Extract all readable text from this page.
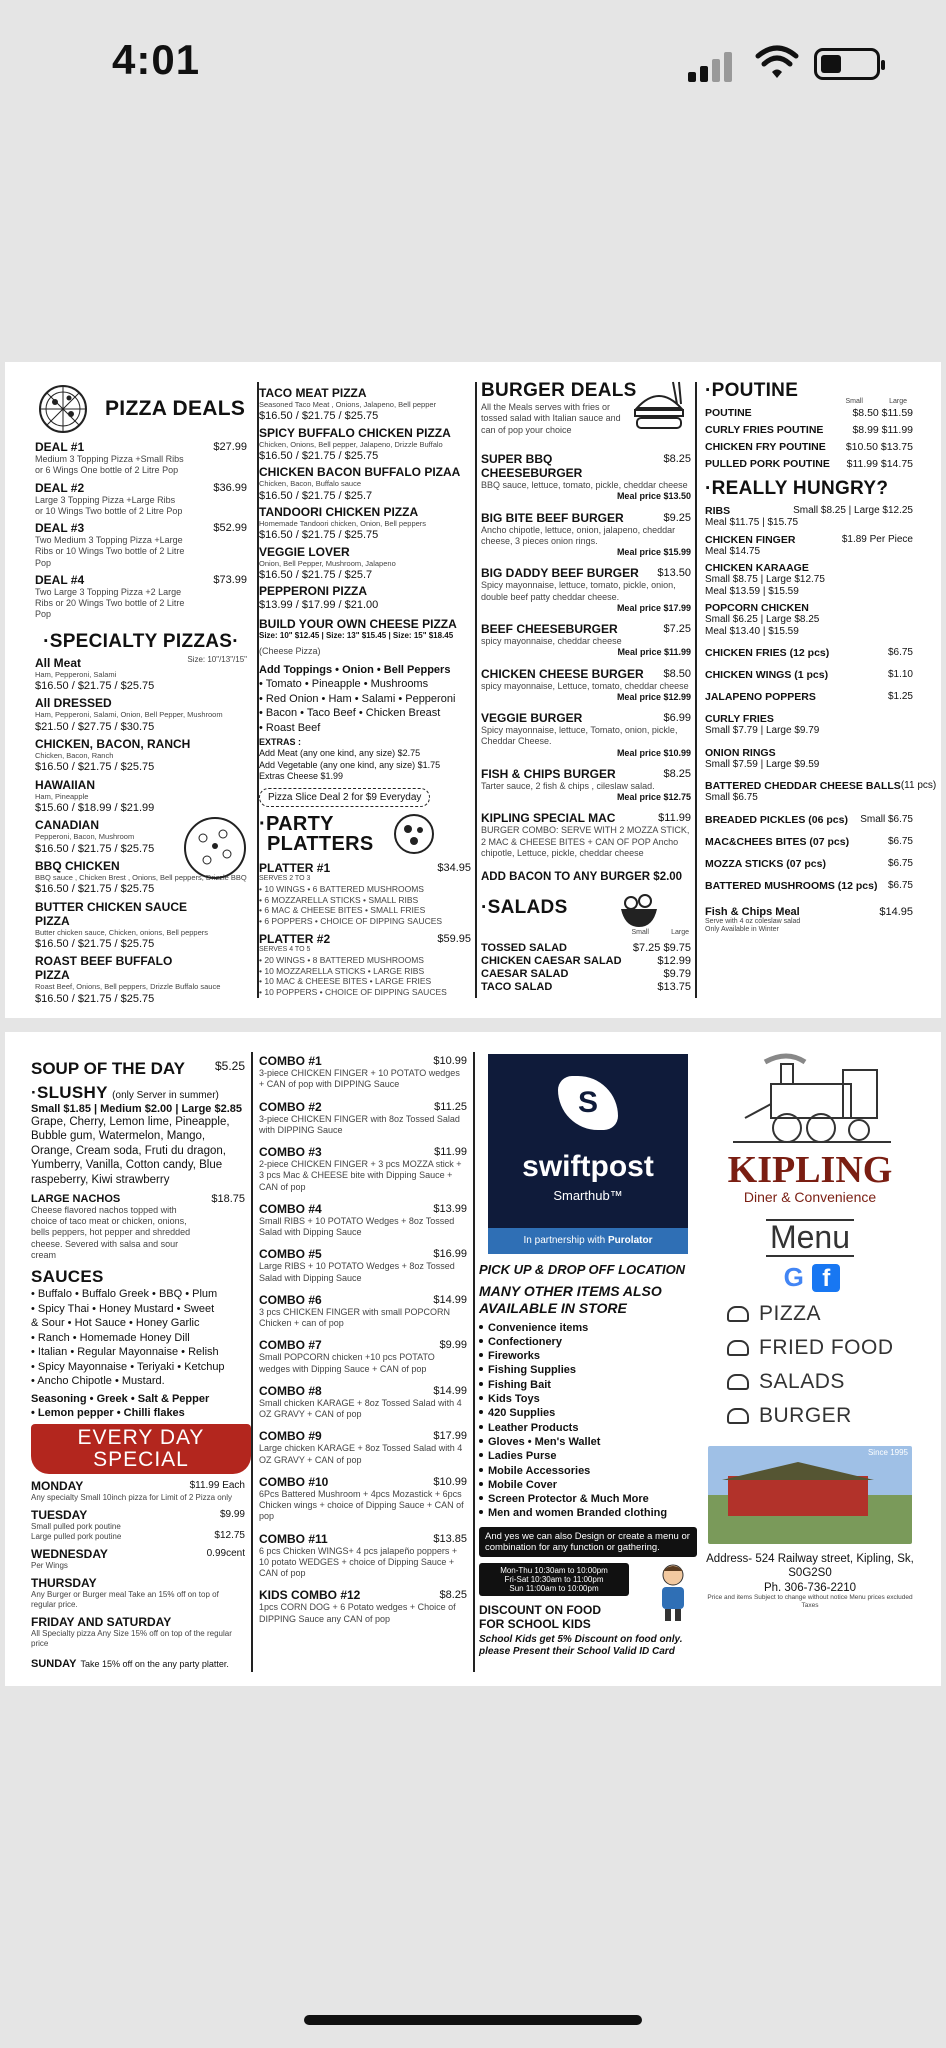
4:01
PIZZA DEALS
DEAL #1	$27.99
Medium 3 Topping Pizza +Small Ribs or 6 Wings One bottle of 2 Litre Pop
DEAL #2	$36.99
Large 3 Topping Pizza +Large Ribs or 10 Wings Two bottle of 2 Litre Pop
DEAL #3	$52.99
Two Medium 3 Topping Pizza +Large Ribs or 10 Wings Two bottle of 2 Litre Pop
DEAL #4	$73.99
Two Large 3 Topping Pizza +2 Large Ribs or 20 Wings Two bottle of 2 Litre Pop
·SPECIALTY PIZZAS·
Size: 10"/13"/15"
All Meat
Ham, Pepperoni, Salami
$16.50 / $21.75 / $25.75
All DRESSED
Ham, Pepperoni, Salami, Onion, Bell Pepper, Mushroom
$21.50 / $27.75 / $30.75
CHICKEN, BACON, RANCH
Chicken, Bacon, Ranch
$16.50 / $21.75 / $25.75
HAWAIIAN
Ham, Pineapple
$15.60 / $18.99 / $21.99
CANADIAN
Pepperoni, Bacon, Mushroom
$16.50 / $21.75 / $25.75
BBQ CHICKEN
BBQ sauce , Chicken Brest , Onions, Bell peppers, Drizzle BBQ
$16.50 / $21.75 / $25.75
BUTTER CHICKEN SAUCE PIZZA
Butter chicken sauce, Chicken, onions, Bell peppers
$16.50 / $21.75 / $25.75
ROAST BEEF BUFFALO PIZZA
Roast Beef, Onions, Bell peppers, Drizzle Buffalo sauce
$16.50 / $21.75 / $25.75
TACO MEAT PIZZA
Seasoned Taco Meat , Onions, Jalapeno, Bell pepper
$16.50 / $21.75 / $25.75
SPICY BUFFALO CHICKEN PIZZA
Chicken, Onions, Bell pepper, Jalapeno, Drizzle Buffalo
$16.50 / $21.75 / $25.75
CHICKEN BACON BUFFALO PIZAA
Chicken, Bacon, Buffalo sauce
$16.50 / $21.75 / $25.7
TANDOORI CHICKEN PIZZA
Homemade Tandoori chicken, Onion, Bell peppers
$16.50 / $21.75 / $25.75
VEGGIE LOVER
Onion, Bell Pepper, Mushroom, Jalapeno
$16.50 / $21.75 / $25.7
PEPPERONI PIZZA
$13.99 / $17.99 / $21.00
BUILD YOUR OWN CHEESE PIZZA
Size: 10" $12.45 | Size: 13" $15.45 | Size: 15" $18.45
(Cheese Pizza)
Add Toppings • Onion • Bell Peppers
• Tomato • Pineapple • Mushrooms
• Red Onion • Ham • Salami • Pepperoni
• Bacon • Taco Beef • Chicken Breast
• Roast Beef
EXTRAS :
Add Meat (any one kind, any size) $2.75
Add Vegetable (any one kind, any size) $1.75
Extras Cheese $1.99
Pizza Slice Deal 2 for $9 Everyday
·PARTY
PLATTERS
PLATTER #1	$34.95
SERVES 2 TO 3
• 10 WINGS • 6 BATTERED MUSHROOMS
• 6 MOZZARELLA STICKS • SMALL RIBS
• 6 MAC & CHEESE BITES • SMALL FRIES
• 6 POPPERS • CHOICE OF DIPPING SAUCES
PLATTER #2	$59.95
SERVES 4 TO 5
• 20 WINGS • 8 BATTERED MUSHROOMS
• 10 MOZZARELLA STICKS • LARGE RIBS
• 10 MAC & CHEESE BITES • LARGE FRIES
• 10 POPPERS • CHOICE OF DIPPING SAUCES
BURGER DEALS
All the Meals serves with fries or tossed salad with Italian sauce and can of pop your choice
SUPER BBQ CHEESEBURGER
$8.25
BBQ sauce, lettuce, tomato, pickle, cheddar cheese
Meal price $13.50
BIG BITE BEEF BURGER	$9.25
Ancho chipotle, lettuce, onion, jalapeno, cheddar cheese, 3 pieces onion rings.
Meal price $15.99
BIG DADDY BEEF BURGER	$13.50
Spicy mayonnaise, lettuce, tomato, pickle, onion, double beef patty cheddar cheese.
Meal price $17.99
BEEF CHEESEBURGER	$7.25
spicy mayonnaise, cheddar cheese
Meal price $11.99
CHICKEN CHEESE BURGER	$8.50
spicy mayonnaise, Lettuce, tomato, cheddar cheese
Meal price $12.99
VEGGIE BURGER	$6.99
Spicy mayonnaise, lettuce, Tomato, onion, pickle, Cheddar Cheese.
Meal price $10.99
FISH & CHIPS BURGER	$8.25
Tarter sauce, 2 fish & chips , cileslaw salad.
Meal price $12.75
KIPLING SPECIAL MAC	$11.99
BURGER COMBO: SERVE WITH 2 MOZZA STICK, 2 MAC & CHEESE BITES + CAN OF POP Ancho chipotle, Lettuce, pickle, cheddar cheese
ADD BACON TO ANY BURGER $2.00
·SALADS
Small	Large
TOSSED SALAD	$7.25 $9.75
CHICKEN CAESAR SALAD	$12.99
CAESAR SALAD	$9.79
TACO SALAD	$13.75
·POUTINE
Small	Large
POUTINE	$8.50 $11.59
CURLY FRIES POUTINE	$8.99 $11.99
CHICKEN FRY POUTINE $10.50 $13.75
PULLED PORK POUTINE $11.99 $14.75
·REALLY HUNGRY?
RIBS	Small $8.25 | Large $12.25
Meal $11.75 | $15.75
CHICKEN FINGER	$1.89 Per Piece
Meal $14.75
CHICKEN KARAAGE
Small $8.75 | Large $12.75
Meal $13.59 | $15.59
POPCORN CHICKEN
Small $6.25 | Large $8.25
Meal $13.40 | $15.59
CHICKEN FRIES (12 pcs)	$6.75
CHICKEN WINGS (1 pcs)	$1.10
JALAPENO POPPERS	$1.25
CURLY FRIES
Small $7.79 | Large $9.79
ONION RINGS
Small $7.59 | Large $9.59
BATTERED CHEDDAR CHEESE BALLS (11 pcs)
Small $6.75
BREADED PICKLES (06 pcs) Small $6.75
MAC&CHEES BITES (07 pcs)	$6.75
MOZZA STICKS (07 pcs)	$6.75
BATTERED MUSHROOMS (12 pcs) $6.75
Fish & Chips Meal	$14.95
Serve with 4 oz coleslaw salad
Only Available in Winter
SOUP OF THE DAY $5.25
·SLUSHY (only Server in summer)
Small $1.85 | Medium $2.00 | Large $2.85
Grape, Cherry, Lemon lime, Pineapple, Bubble gum, Watermelon, Mango, Orange, Cream soda, Fruti du dragon, Yumberry, Vanilla, Cotton candy, Blue raspeberry, Kiwi strawberry
LARGE NACHOS	$18.75
Cheese flavored nachos topped with choice of taco meat or chicken, onions, bells peppers, hot pepper and shredded cheese. Severed with salsa and sour cream
SAUCES
• Buffalo • Buffalo Greek • BBQ • Plum
• Spicy Thai • Honey Mustard • Sweet
& Sour • Hot Sauce • Honey Garlic
• Ranch • Homemade Honey Dill
• Italian • Regular Mayonnaise • Relish
• Spicy Mayonnaise • Teriyaki • Ketchup
• Ancho Chipotle • Mustard.
Seasoning • Greek • Salt & Pepper
• Lemon pepper • Chilli flakes
EVERY DAY
SPECIAL
MONDAY	$11.99 Each
Any specialty Small 10inch pizza for Limit of 2 Pizza only
TUESDAY	$9.99
Small pulled pork poutine
Large pulled pork poutine	$12.75
WEDNESDAY	0.99cent
Per Wings
THURSDAY
Any Burger or Burger meal Take an 15% off on top of regular price.
FRIDAY AND SATURDAY
All Specialty pizza Any Size 15% off on top of the regular price
SUNDAY Take 15% off on the any party platter.
COMBO #1	$10.99
3-piece CHICKEN FINGER + 10 POTATO wedges + CAN of pop with DIPPING Sauce
COMBO #2	$11.25
3-piece CHICKEN FINGER with 8oz Tossed Salad with DIPPING Sauce
COMBO #3	$11.99
2-piece CHICKEN FINGER + 3 pcs MOZZA stick + 3 pcs Mac & CHEESE bite with Dipping Sauce + CAN of pop
COMBO #4	$13.99
Small RIBS + 10 POTATO Wedges + 8oz Tossed Salad with Dipping Sauce
COMBO #5	$16.99
Large RIBS + 10 POTATO Wedges + 8oz Tossed Salad with Dipping Sauce
COMBO #6	$14.99
3 pcs CHICKEN FINGER with small POPCORN Chicken + can of pop
COMBO #7	$9.99
Small POPCORN chicken +10 pcs POTATO wedges with Dipping Sauce + CAN of pop
COMBO #8	$14.99
Small chicken KARAGE + 8oz Tossed Salad with 4 OZ GRAVY + CAN of pop
COMBO #9	$17.99
Large chicken KARAGE + 8oz Tossed Salad with 4 OZ GRAVY + CAN of pop
COMBO #10	$10.99
6Pcs Battered Mushroom + 4pcs Mozastick + 6pcs Chicken wings + choice of Dipping Sauce + CAN of pop
COMBO #11	$13.85
6 pcs Chicken WINGS+ 4 pcs jalapeño poppers + 10 potato WEDGES + choice of Dipping Sauce + CAN of pop
KIDS COMBO #12	$8.25
1pcs CORN DOG + 6 Potato wedges + Choice of DIPPING Sauce any CAN of pop
S
swiftpost
Smarthub™
In partnership with Purolator
PICK UP & DROP OFF LOCATION
MANY OTHER ITEMS ALSO AVAILABLE IN STORE
Convenience items
Confectionery
Fireworks
Fishing Supplies
Fishing Bait
Kids Toys
420 Supplies
Leather Products
Gloves • Men's Wallet
Ladies Purse
Mobile Accessories
Mobile Cover
Screen Protector & Much More
Men and women Branded clothing
And yes we can also Design or create a menu or combination for any function or gathering.
Mon-Thu 10:30am to 10:00pm
Fri-Sat 10:30am to 11:00pm
Sun 11:00am to 10:00pm
DISCOUNT ON FOOD FOR SCHOOL KIDS
School Kids get 5% Discount on food only. please Present their School Valid ID Card
KIPLING
Diner & Convenience
Menu
G f
PIZZA
FRIED FOOD
SALADS
BURGER
Since 1995
Address- 524 Railway street, Kipling, Sk, S0G2S0
Ph. 306-736-2210
Price and items Subject to change without notice Menu prices excluded Taxes
